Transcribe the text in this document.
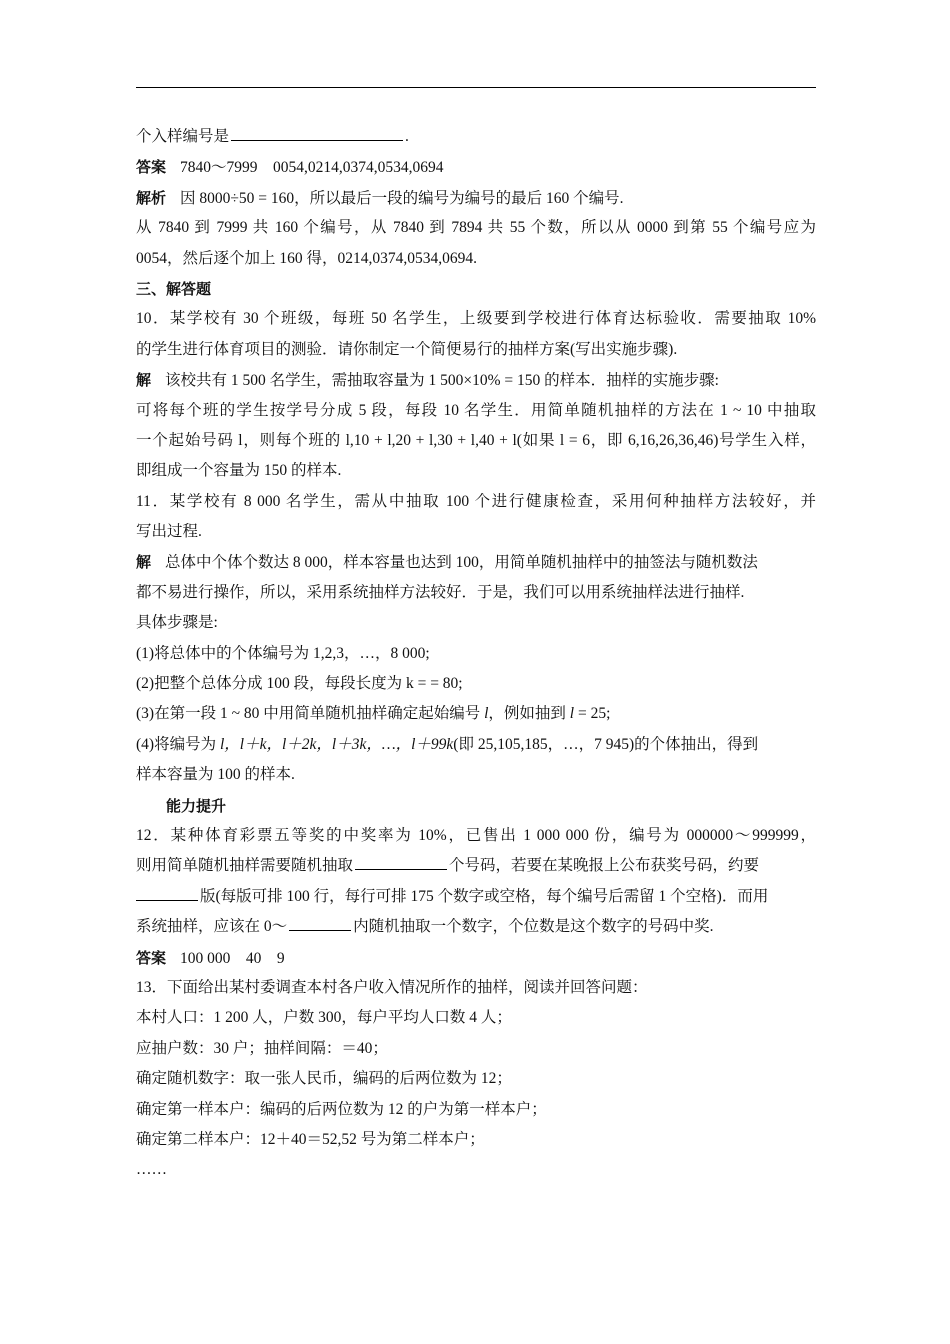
个入样编号是	.
答案 7840～7999　0054,0214,0374,0534,0694
解析 因 8000÷50 = 160，所以最后一段的编号为编号的最后 160 个编号.
从 7840 到 7999 共 160 个编号，从 7840 到 7894 共 55 个数，所以从 0000 到第 55 个编号应为
0054，然后逐个加上 160 得，0214,0374,0534,0694.
三、解答题
10．某学校有 30 个班级，每班 50 名学生，上级要到学校进行体育达标验收．需要抽取 10%
的学生进行体育项目的测验．请你制定一个简便易行的抽样方案(写出实施步骤).
解 该校共有 1 500 名学生，需抽取容量为 1 500×10% = 150 的样本．抽样的实施步骤:
可将每个班的学生按学号分成 5 段，每段 10 名学生．用简单随机抽样的方法在 1 ~ 10 中抽取
一个起始号码 l，则每个班的 l,10 + l,20 + l,30 + l,40 + l(如果 l = 6，即 6,16,26,36,46)号学生入样，
即组成一个容量为 150 的样本.
11．某学校有 8 000 名学生，需从中抽取 100 个进行健康检查，采用何种抽样方法较好，并
写出过程.
解 总体中个体个数达 8 000，样本容量也达到 100，用简单随机抽样中的抽签法与随机数法
都不易进行操作，所以，采用系统抽样方法较好．于是，我们可以用系统抽样法进行抽样.
具体步骤是:
(1)将总体中的个体编号为 1,2,3，…，8 000;
(2)把整个总体分成 100 段，每段长度为 k = = 80;
(3)在第一段 1 ~ 80 中用简单随机抽样确定起始编号 l，例如抽到 l = 25;
(4)将编号为 l，l＋k，l＋2k，l＋3k，…，l＋99k(即 25,105,185，…，7 945)的个体抽出，得到
样本容量为 100 的样本.
能力提升
12．某种体育彩票五等奖的中奖率为 10%，已售出 1 000 000 份，编号为 000000～999999，
则用简单随机抽样需要随机抽取	个号码，若要在某晚报上公布获奖号码，约要
版(每版可排 100 行，每行可排 175 个数字或空格，每个编号后需留 1 个空格)．而用
系统抽样，应该在 0～	内随机抽取一个数字，个位数是这个数字的号码中奖.
答案 100 000　40　9
13．下面给出某村委调查本村各户收入情况所作的抽样，阅读并回答问题：
本村人口：1 200 人，户数 300，每户平均人口数 4 人；
应抽户数：30 户；抽样间隔：＝40；
确定随机数字：取一张人民币，编码的后两位数为 12；
确定第一样本户：编码的后两位数为 12 的户为第一样本户；
确定第二样本户：12＋40＝52,52 号为第二样本户；
……
